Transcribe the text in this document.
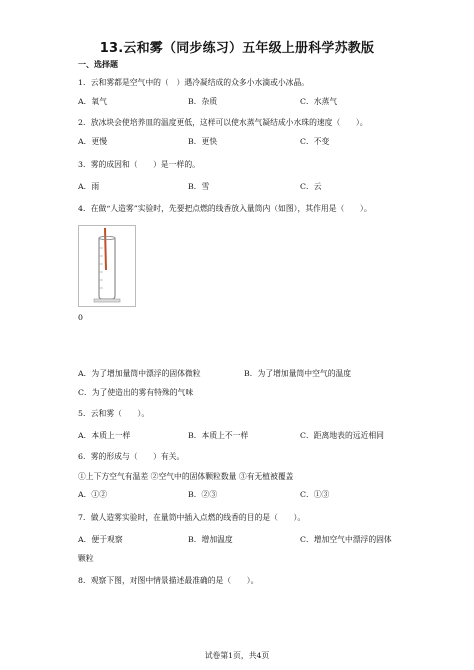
13.云和雾（同步练习）五年级上册科学苏教版
一、选择题
1．云和雾都是空气中的（　）遇冷凝结成的众多小水滴或小冰晶。
A．氧气	B．杂质	C．水蒸气
2．放冰块会使培养皿的温度更低，这样可以使水蒸气凝结成小水珠的速度（　　）。
A．更慢	B．更快	C．不变
3．雾的成因和（　　）是一样的。
A．雨	B．雪	C．云
4．在做“人造雾”实验时，先要把点燃的线香放入量筒内（如图），其作用是（　　）。
0
A．为了增加量筒中漂浮的固体微粒	B．为了增加量筒中空气的温度
C．为了使造出的雾有特殊的气味
5．云和雾（　　）。
A．本质上一样	B．本质上不一样	C．距离地表的远近相同
6．雾的形成与（　　）有关。
①上下方空气有温差 ②空气中的固体颗粒数量 ③有无植被覆盖
A．①②	B．②③	C．①③
7．做人造雾实验时，在量筒中插入点燃的线香的目的是（　　）。
A．便于观察	B．增加温度	C．增加空气中漂浮的固体
颗粒
8．观察下图，对图中情景描述最准确的是（　　）。
试卷第1页，共4页
